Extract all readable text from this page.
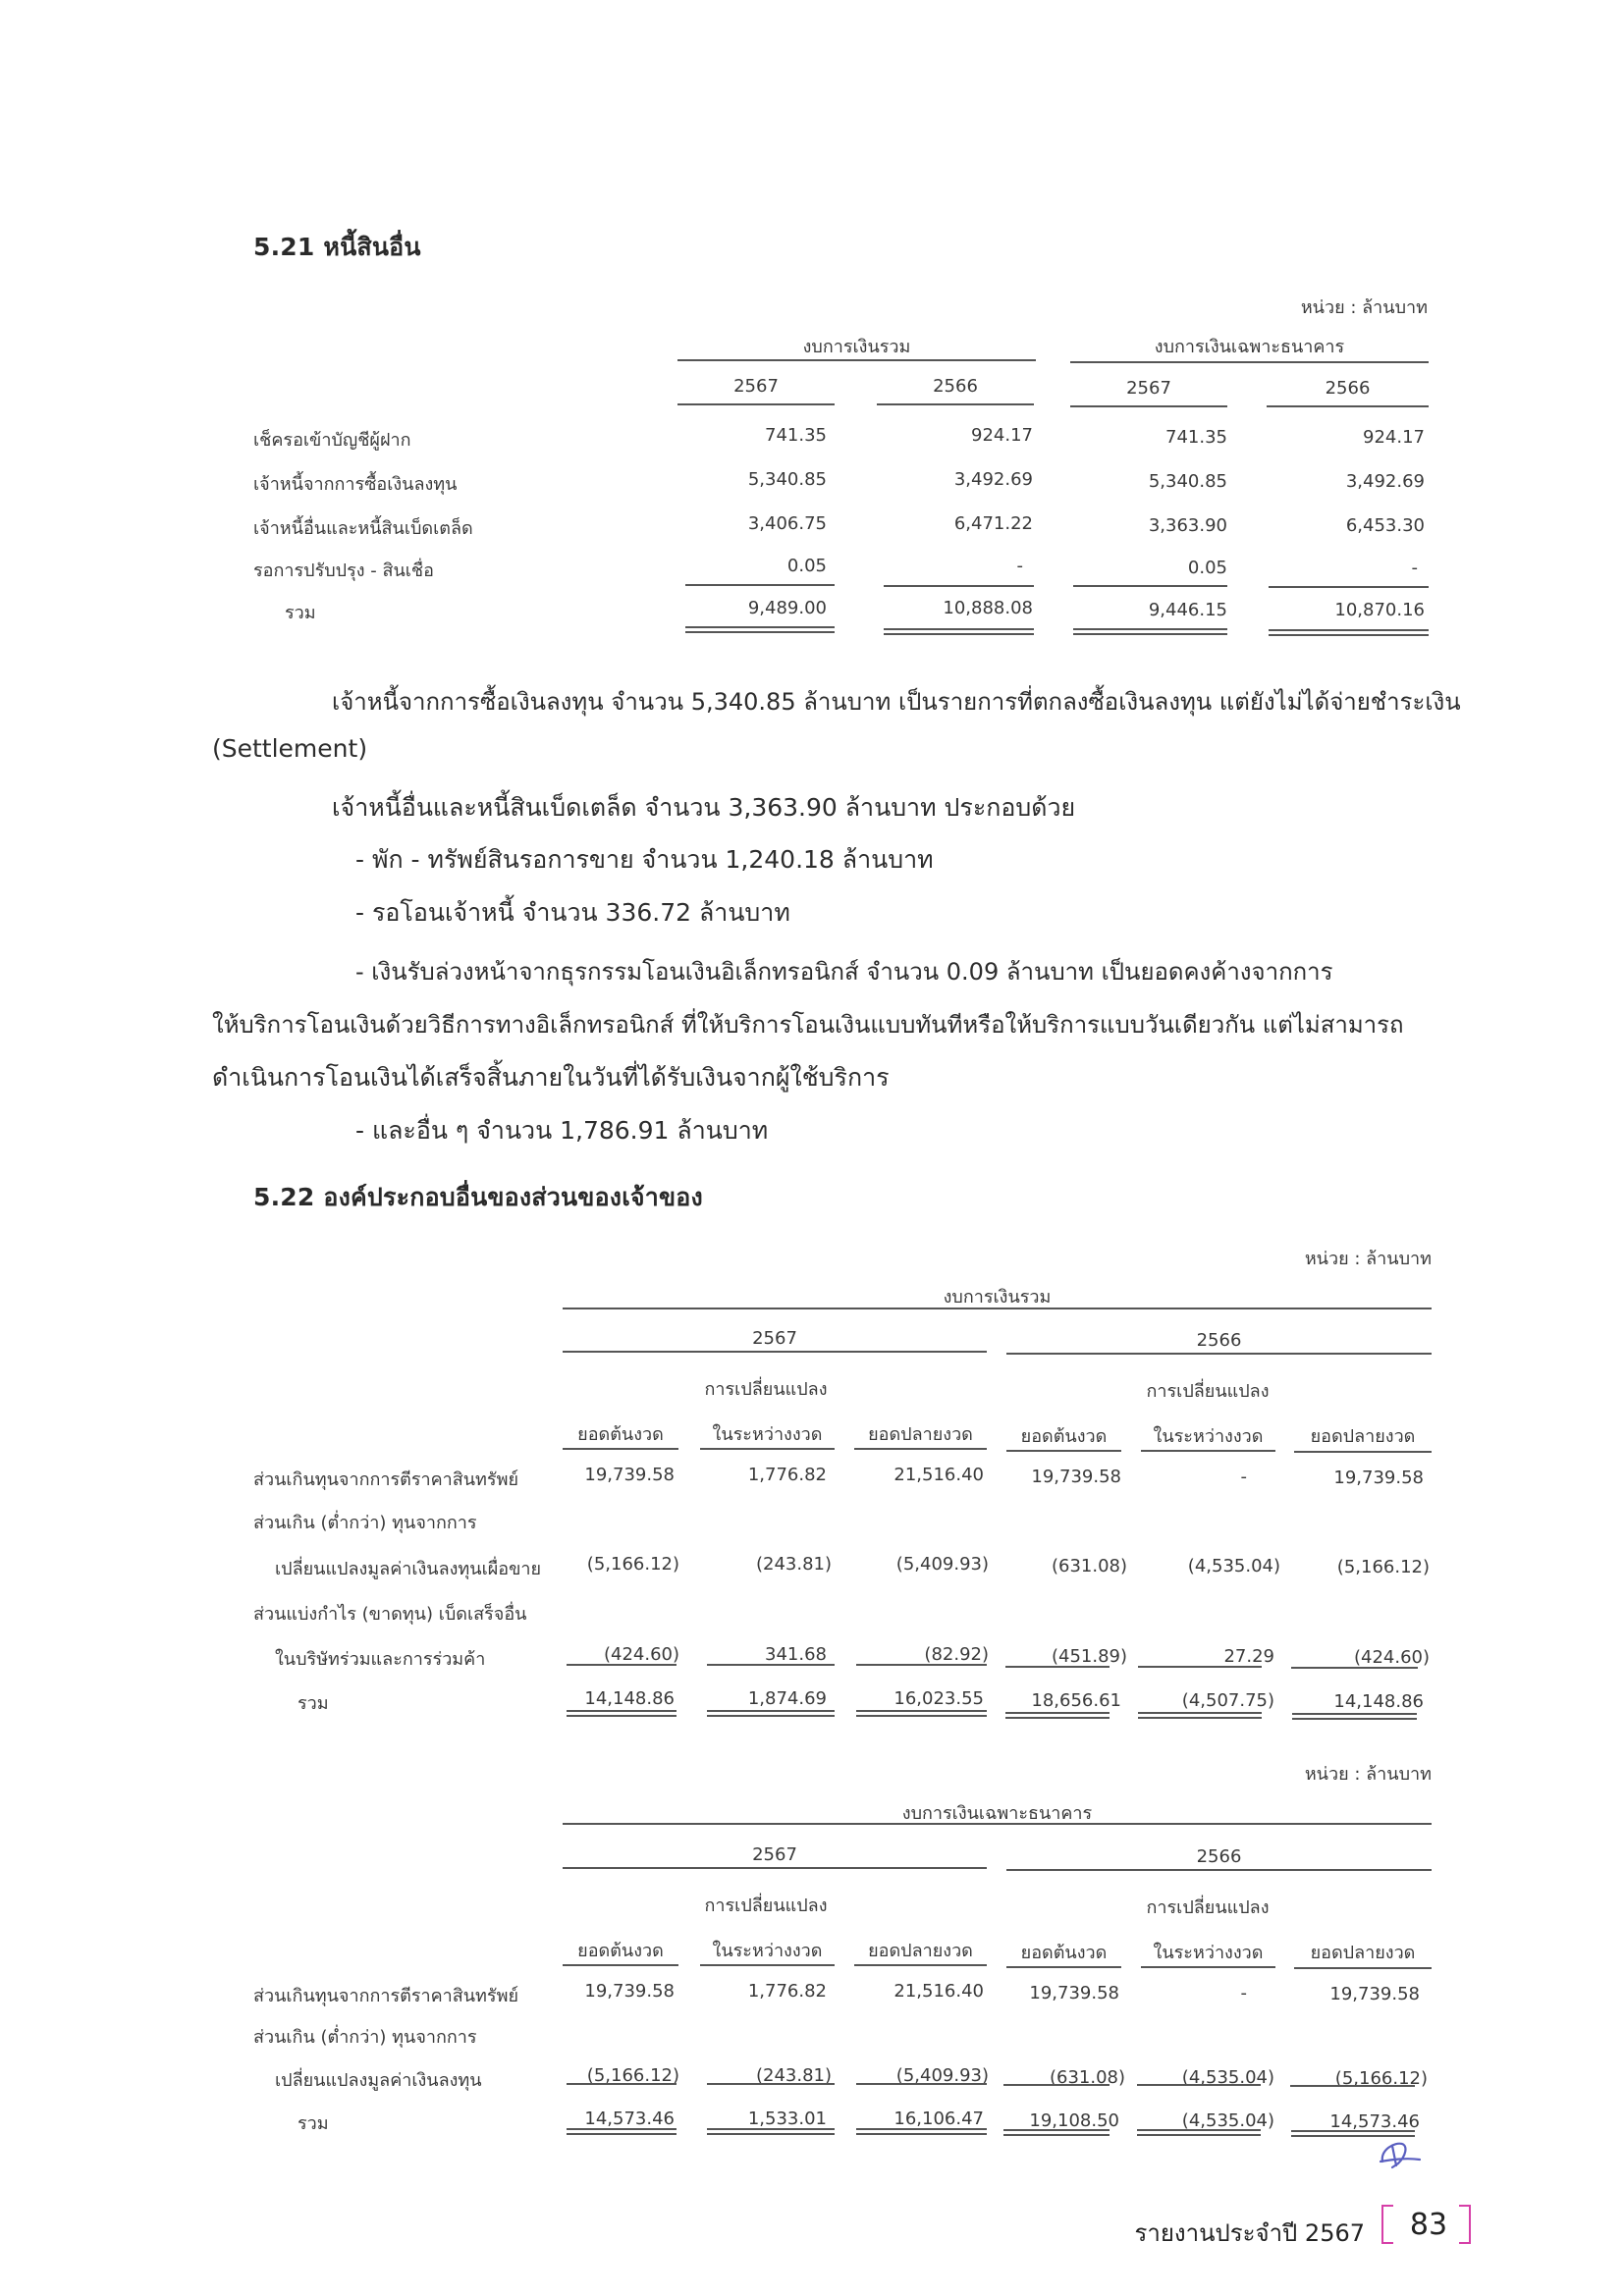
5.21 หนี้สินอื่น
หน่วย : ล้านบาท
งบการเงินรวม	งบการเงินเฉพาะธนาคาร
2567	2566	2567	2566
เช็ครอเข้าบัญชีผู้ฝาก	741.35	924.17	741.35	924.17
เจ้าหนี้จากการซื้อเงินลงทุน	5,340.85	3,492.69	5,340.85	3,492.69
เจ้าหนี้อื่นและหนี้สินเบ็ดเตล็ด	3,406.75	6,471.22	3,363.90	6,453.30
รอการปรับปรุง - สินเชื่อ	0.05	-	0.05	-
รวม	9,489.00	10,888.08	9,446.15	10,870.16
เจ้าหนี้จากการซื้อเงินลงทุน จำนวน 5,340.85 ล้านบาท เป็นรายการที่ตกลงซื้อเงินลงทุน แต่ยังไม่ได้จ่ายชำระเงิน
(Settlement)
เจ้าหนี้อื่นและหนี้สินเบ็ดเตล็ด จำนวน 3,363.90 ล้านบาท ประกอบด้วย
- พัก - ทรัพย์สินรอการขาย จำนวน 1,240.18 ล้านบาท
- รอโอนเจ้าหนี้ จำนวน 336.72 ล้านบาท
- เงินรับล่วงหน้าจากธุรกรรมโอนเงินอิเล็กทรอนิกส์ จำนวน 0.09 ล้านบาท เป็นยอดคงค้างจากการ
ให้บริการโอนเงินด้วยวิธีการทางอิเล็กทรอนิกส์ ที่ให้บริการโอนเงินแบบทันทีหรือให้บริการแบบวันเดียวกัน แต่ไม่สามารถ
ดำเนินการโอนเงินได้เสร็จสิ้นภายในวันที่ได้รับเงินจากผู้ใช้บริการ
- และอื่น ๆ จำนวน 1,786.91 ล้านบาท
5.22 องค์ประกอบอื่นของส่วนของเจ้าของ
หน่วย : ล้านบาท
งบการเงินรวม
2567	2566
การเปลี่ยนแปลง	การเปลี่ยนแปลง
ยอดต้นงวด	ในระหว่างงวด	ยอดปลายงวด	ยอดต้นงวด	ในระหว่างงวด	ยอดปลายงวด
ส่วนเกินทุนจากการตีราคาสินทรัพย์	19,739.58	1,776.82	21,516.40	19,739.58	-	19,739.58
ส่วนเกิน (ต่ำกว่า) ทุนจากการ
เปลี่ยนแปลงมูลค่าเงินลงทุนเผื่อขาย	(5,166.12)	(243.81)	(5,409.93)	(631.08)	(4,535.04)	(5,166.12)
ส่วนแบ่งกำไร (ขาดทุน) เบ็ดเสร็จอื่น
ในบริษัทร่วมและการร่วมค้า	(424.60)	341.68	(82.92)	(451.89)	27.29	(424.60)
รวม	14,148.86	1,874.69	16,023.55	18,656.61	(4,507.75)	14,148.86
หน่วย : ล้านบาท
งบการเงินเฉพาะธนาคาร
2567	2566
การเปลี่ยนแปลง	การเปลี่ยนแปลง
ยอดต้นงวด	ในระหว่างงวด	ยอดปลายงวด	ยอดต้นงวด	ในระหว่างงวด	ยอดปลายงวด
ส่วนเกินทุนจากการตีราคาสินทรัพย์	19,739.58	1,776.82	21,516.40	19,739.58	-	19,739.58
ส่วนเกิน (ต่ำกว่า) ทุนจากการ
เปลี่ยนแปลงมูลค่าเงินลงทุน	(5,166.12)	(243.81)	(5,409.93)	(631.08)	(4,535.04)	(5,166.12)
รวม	14,573.46	1,533.01	16,106.47	19,108.50	(4,535.04)	14,573.46
รายงานประจำปี 2567	83
